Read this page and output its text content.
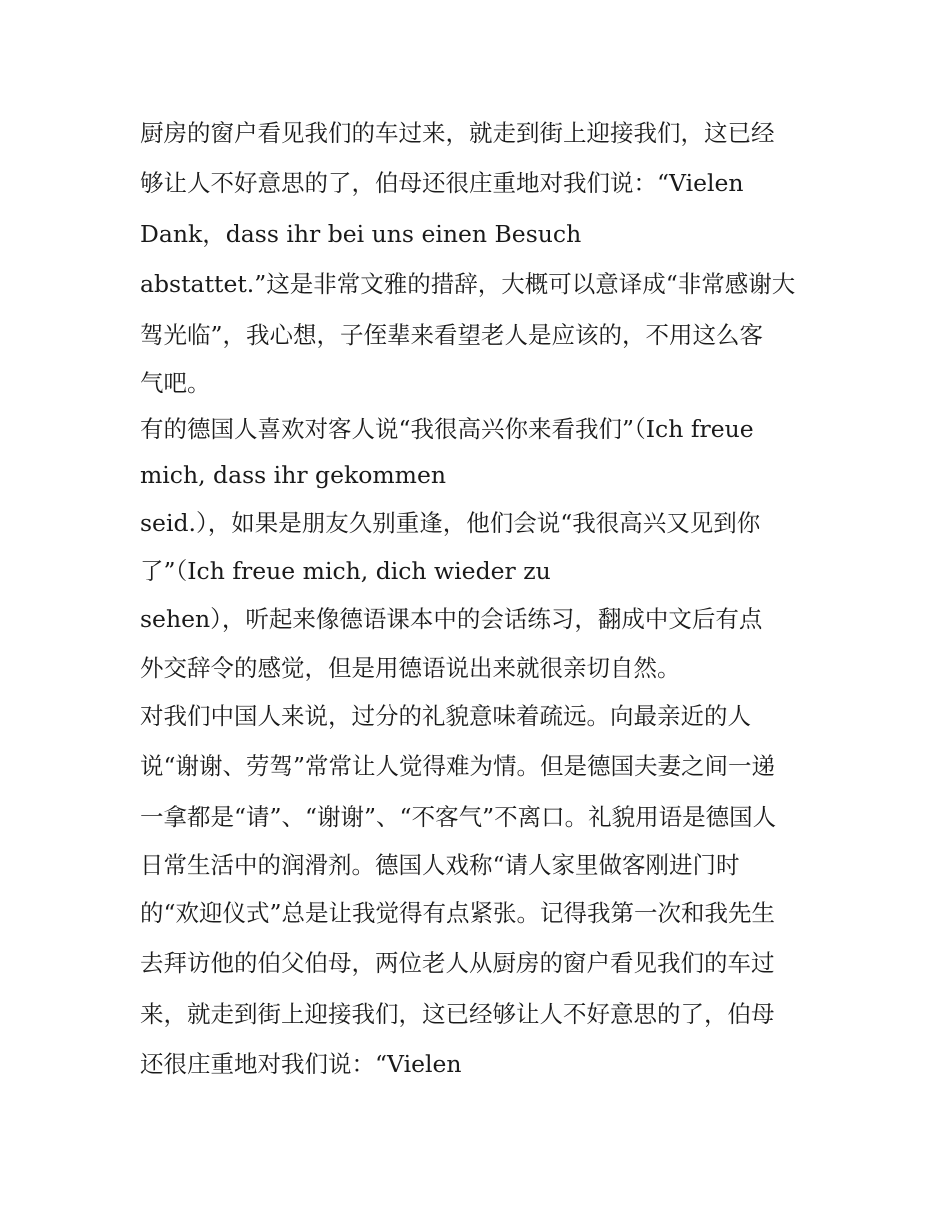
厨房的窗户看见我们的车过来，就走到街上迎接我们，这已经
够让人不好意思的了，伯母还很庄重地对我们说：“Vielen
Dank，dass ihr bei uns einen Besuch
abstattet.”这是非常文雅的措辞，大概可以意译成“非常感谢大
驾光临”，我心想，子侄辈来看望老人是应该的，不用这么客
气吧。
有的德国人喜欢对客人说“我很高兴你来看我们”（Ich freue
mich, dass ihr gekommen
seid.），如果是朋友久别重逢，他们会说“我很高兴又见到你
了”（Ich freue mich, dich wieder zu
sehen），听起来像德语课本中的会话练习，翻成中文后有点
外交辞令的感觉，但是用德语说出来就很亲切自然。
对我们中国人来说，过分的礼貌意味着疏远。向最亲近的人
说“谢谢、劳驾”常常让人觉得难为情。但是德国夫妻之间一递
一拿都是“请”、“谢谢”、“不客气”不离口。礼貌用语是德国人
日常生活中的润滑剂。德国人戏称“请人家里做客刚进门时
的“欢迎仪式”总是让我觉得有点紧张。记得我第一次和我先生
去拜访他的伯父伯母，两位老人从厨房的窗户看见我们的车过
来，就走到街上迎接我们，这已经够让人不好意思的了，伯母
还很庄重地对我们说：“Vielen
